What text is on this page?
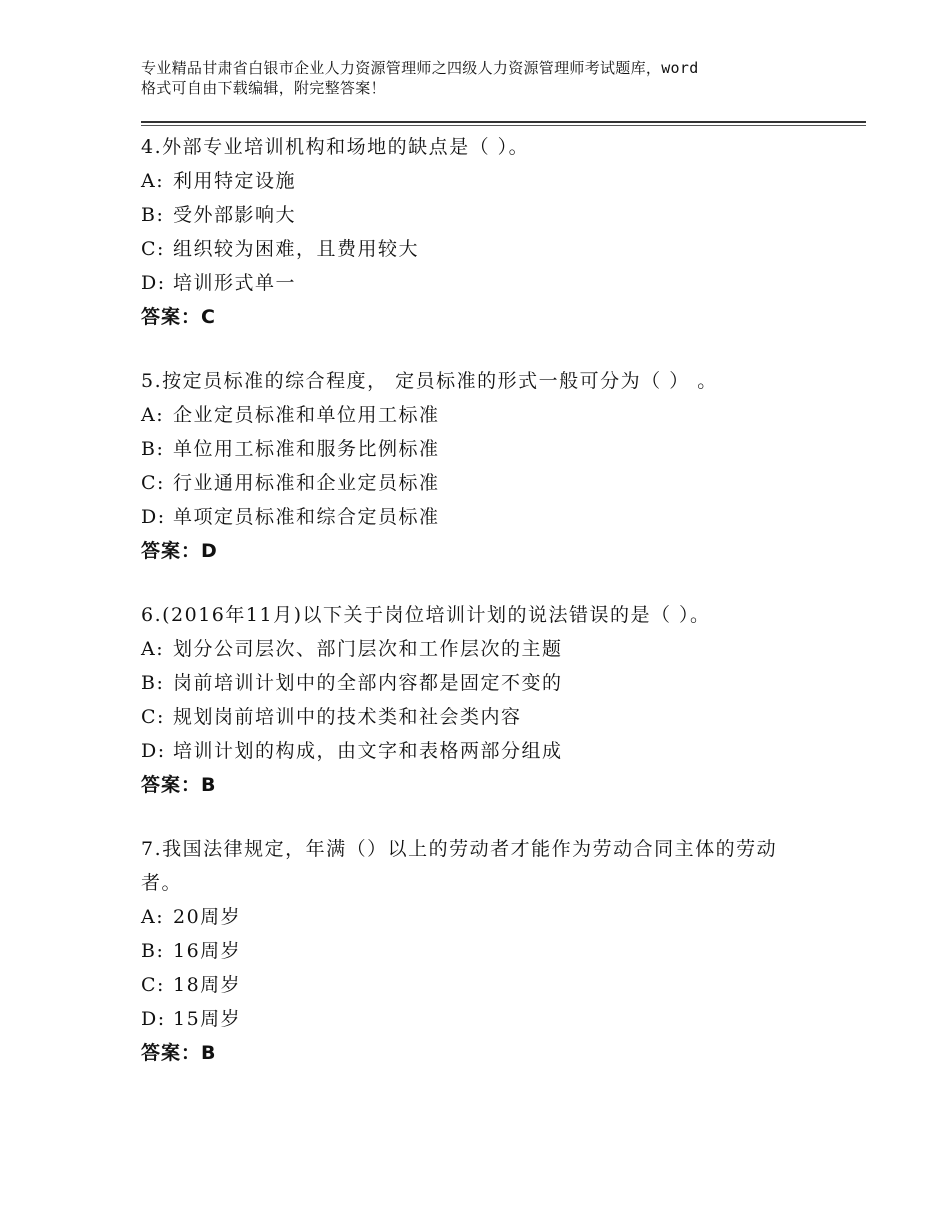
专业精品甘肃省白银市企业人力资源管理师之四级人力资源管理师考试题库，word
格式可自由下载编辑，附完整答案！
4.外部专业培训机构和场地的缺点是（ ）。
A: 利用特定设施
B: 受外部影响大
C: 组织较为困难，且费用较大
D: 培训形式单一
答案：C
5.按定员标准的综合程度， 定员标准的形式一般可分为（ ） 。
A: 企业定员标准和单位用工标准
B: 单位用工标准和服务比例标准
C: 行业通用标准和企业定员标准
D: 单项定员标准和综合定员标准
答案：D
6.(2016年11月)以下关于岗位培训计划的说法错误的是（ ）。
A: 划分公司层次、部门层次和工作层次的主题
B: 岗前培训计划中的全部内容都是固定不变的
C: 规划岗前培训中的技术类和社会类内容
D: 培训计划的构成，由文字和表格两部分组成
答案：B
7.我国法律规定，年满（）以上的劳动者才能作为劳动合同主体的劳动者。
A: 20周岁
B: 16周岁
C: 18周岁
D: 15周岁
答案：B
